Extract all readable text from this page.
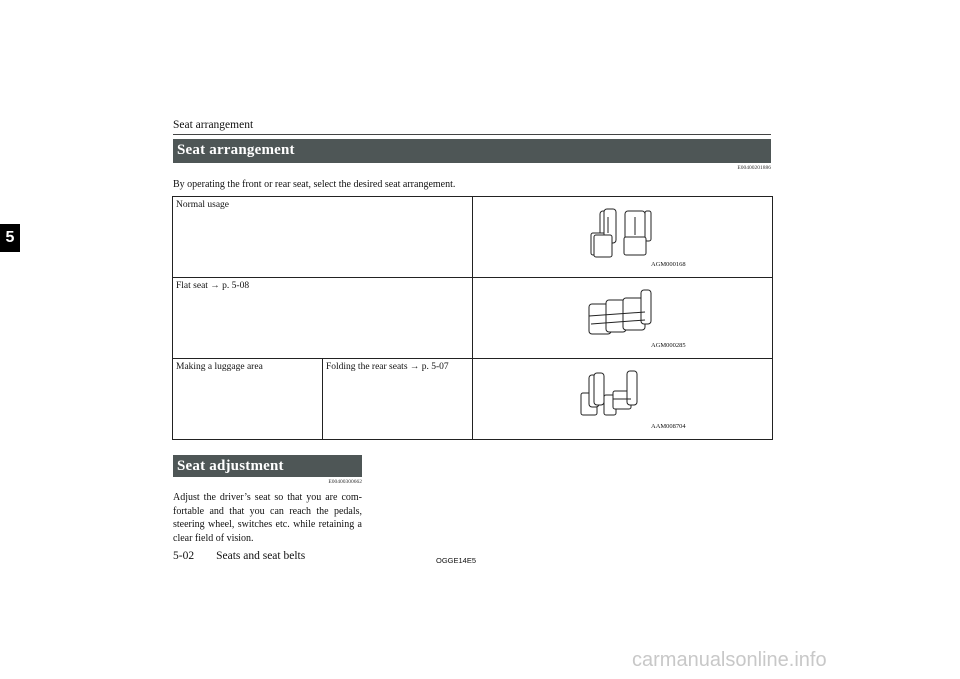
Seat arrangement
5
Seat arrangement
E00400201886
By operating the front or rear seat, select the desired seat arrangement.
Normal usage		AGM000168

Flat seat → p. 5-08		AGM000285

Making a luggage area	Folding the rear seats → p. 5-07	AAM008704
Seat adjustment
E00400300662
Adjust the driver’s seat so that you are com-fortable and that you can reach the pedals, steering wheel, switches etc. while retaining a clear field of vision.
5-02 Seats and seat belts	OGGE14E5
carmanualsonline.info
